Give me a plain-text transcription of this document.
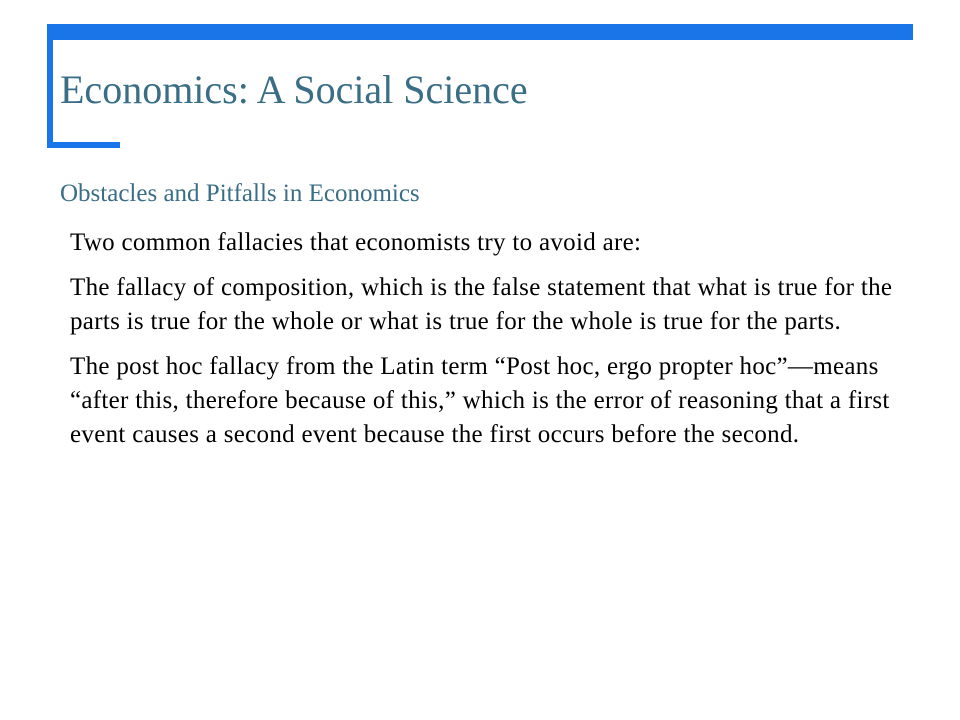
Economics: A Social Science
Obstacles and Pitfalls in Economics

Two common fallacies that economists try to avoid are:

The fallacy of composition, which is the false statement that what is true for the parts is true for the whole or what is true for the whole is true for the parts.

The post hoc fallacy from the Latin term “Post hoc, ergo propter hoc”—means “after this, therefore because of this,” which is the error of reasoning that a first event causes a second event because the first occurs before the second.
